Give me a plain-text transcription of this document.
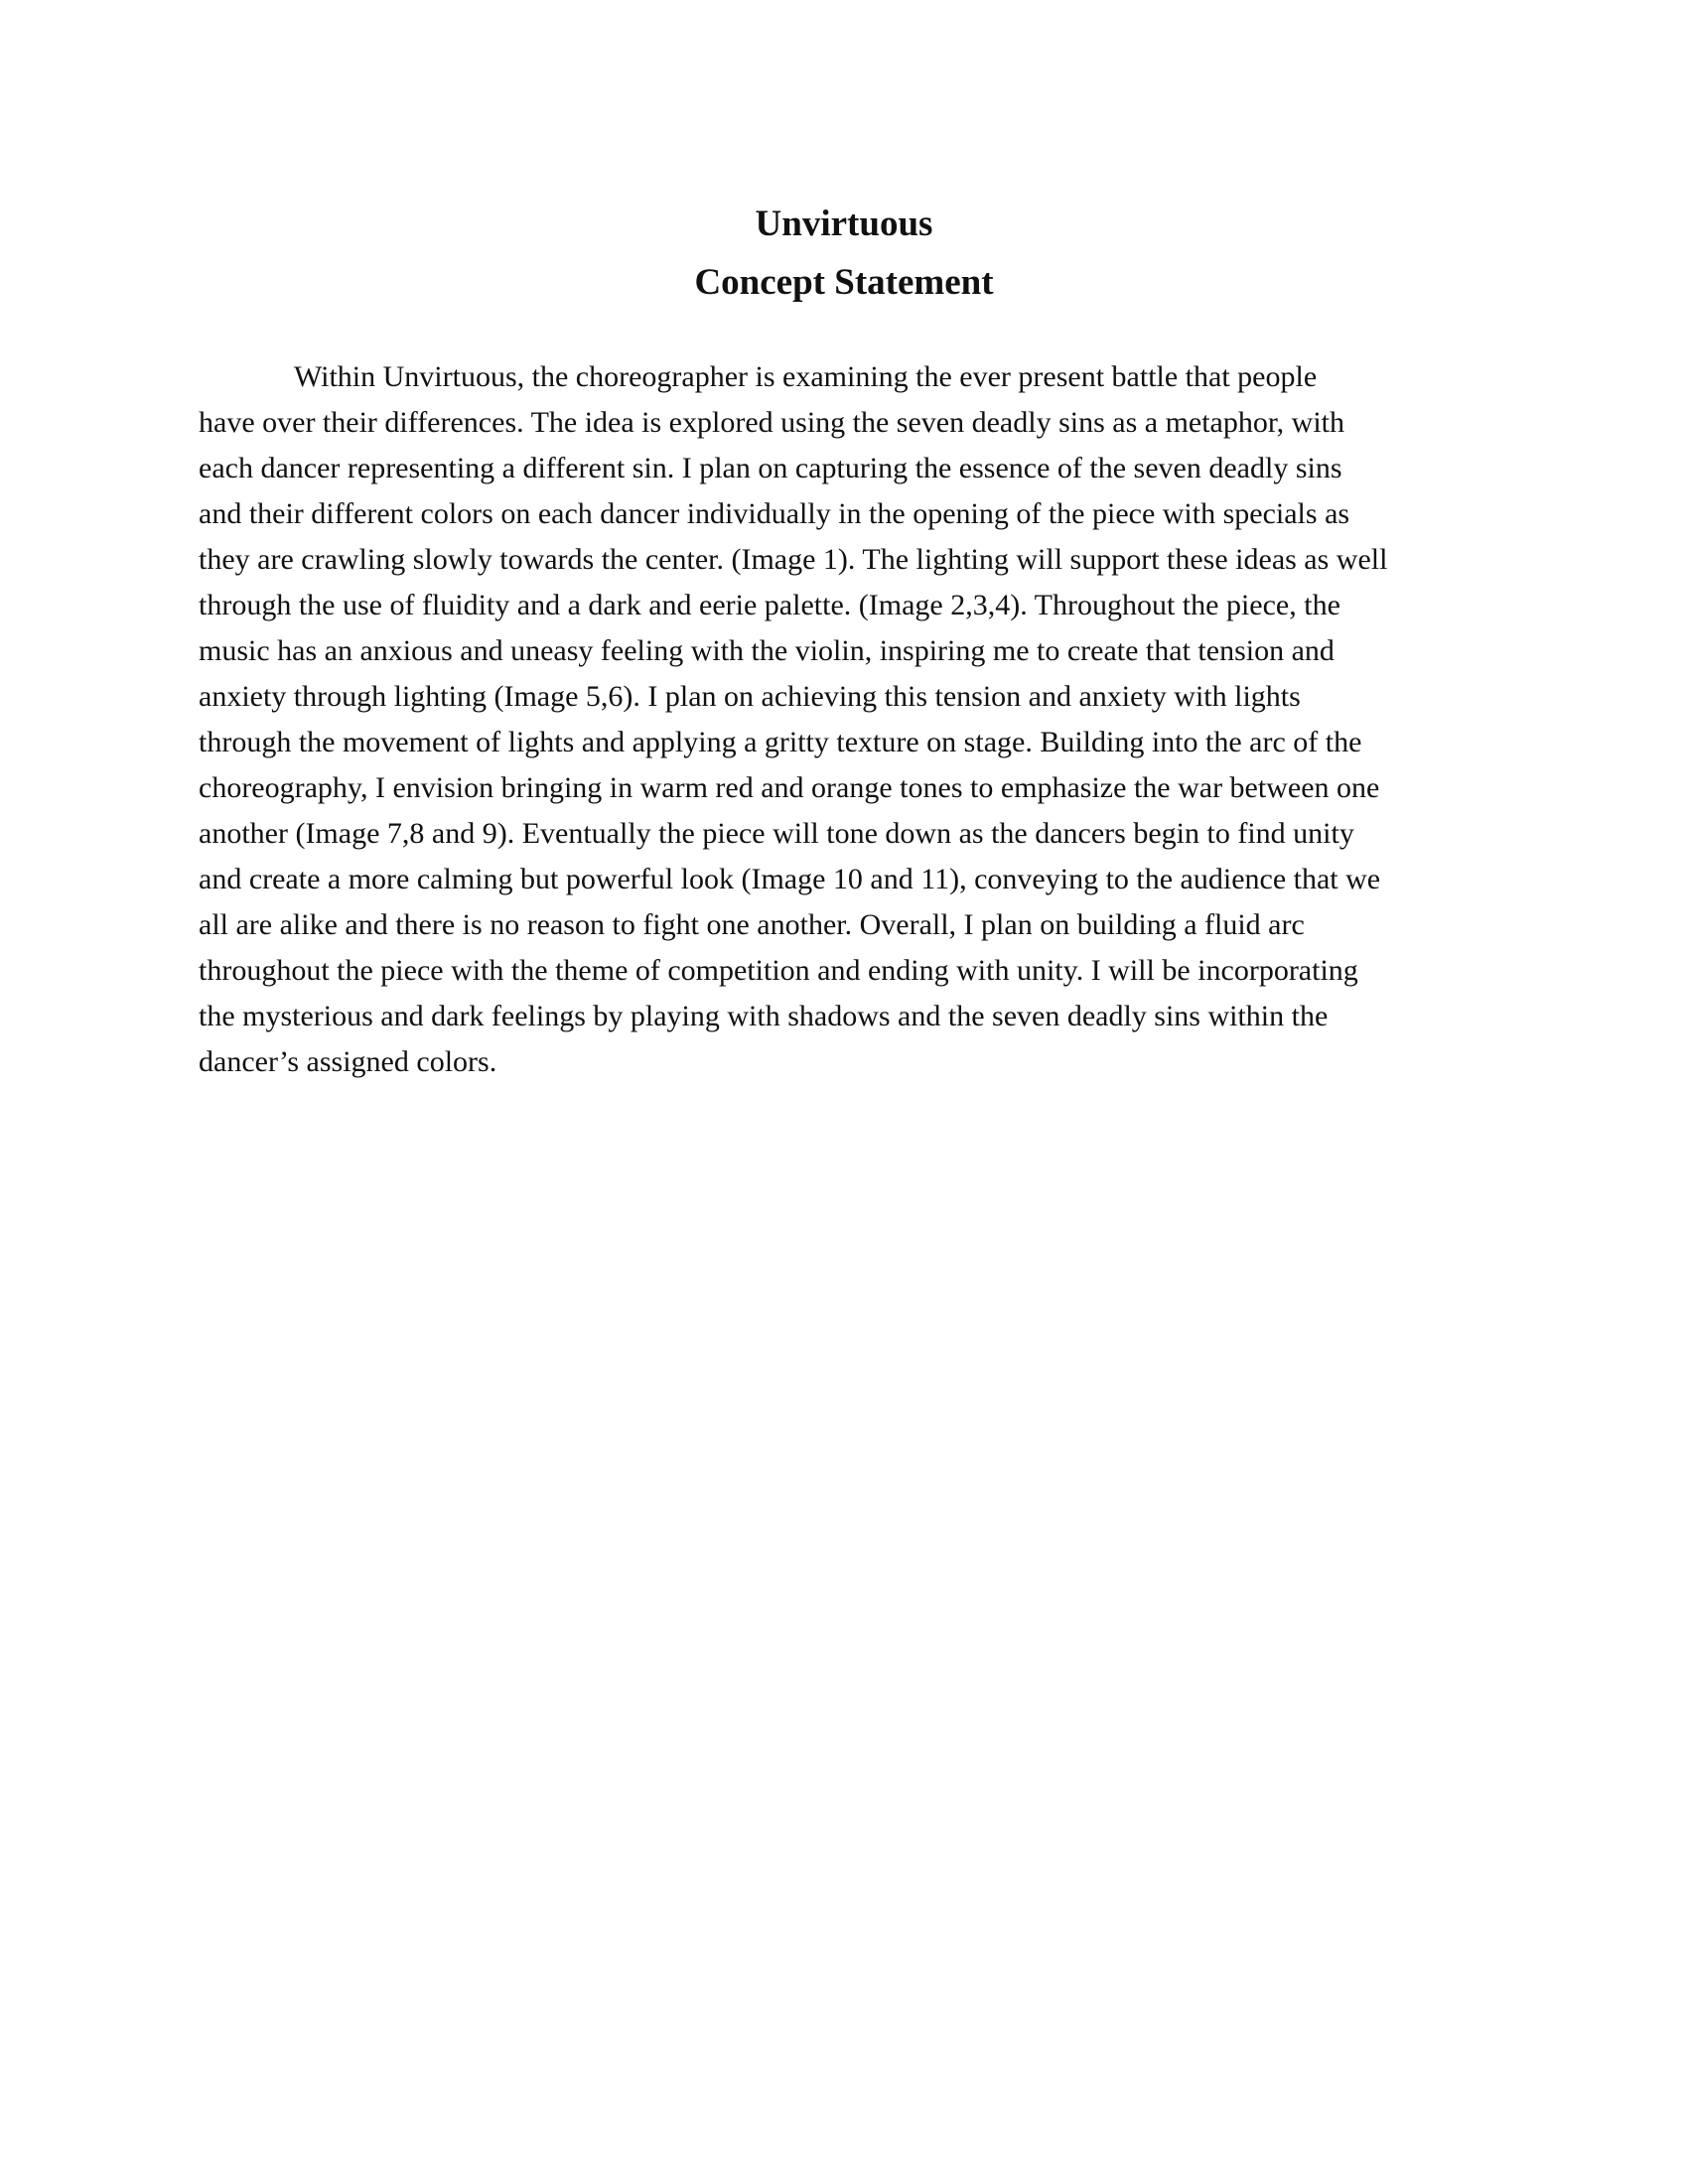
Unvirtuous
Concept Statement
Within Unvirtuous, the choreographer is examining the ever present battle that people
have over their differences. The idea is explored using the seven deadly sins as a metaphor, with
each dancer representing a different sin. I plan on capturing the essence of the seven deadly sins
and their different colors on each dancer individually in the opening of the piece with specials as
they are crawling slowly towards the center. (Image 1). The lighting will support these ideas as well
through the use of fluidity and a dark and eerie palette. (Image 2,3,4). Throughout the piece, the
music has an anxious and uneasy feeling with the violin, inspiring me to create that tension and
anxiety through lighting (Image 5,6). I plan on achieving this tension and anxiety with lights
through the movement of lights and applying a gritty texture on stage. Building into the arc of the
choreography, I envision bringing in warm red and orange tones to emphasize the war between one
another (Image 7,8 and 9). Eventually the piece will tone down as the dancers begin to find unity
and create a more calming but powerful look (Image 10 and 11), conveying to the audience that we
all are alike and there is no reason to fight one another. Overall, I plan on building a fluid arc
throughout the piece with the theme of competition and ending with unity. I will be incorporating
the mysterious and dark feelings by playing with shadows and the seven deadly sins within the
dancer’s assigned colors.
